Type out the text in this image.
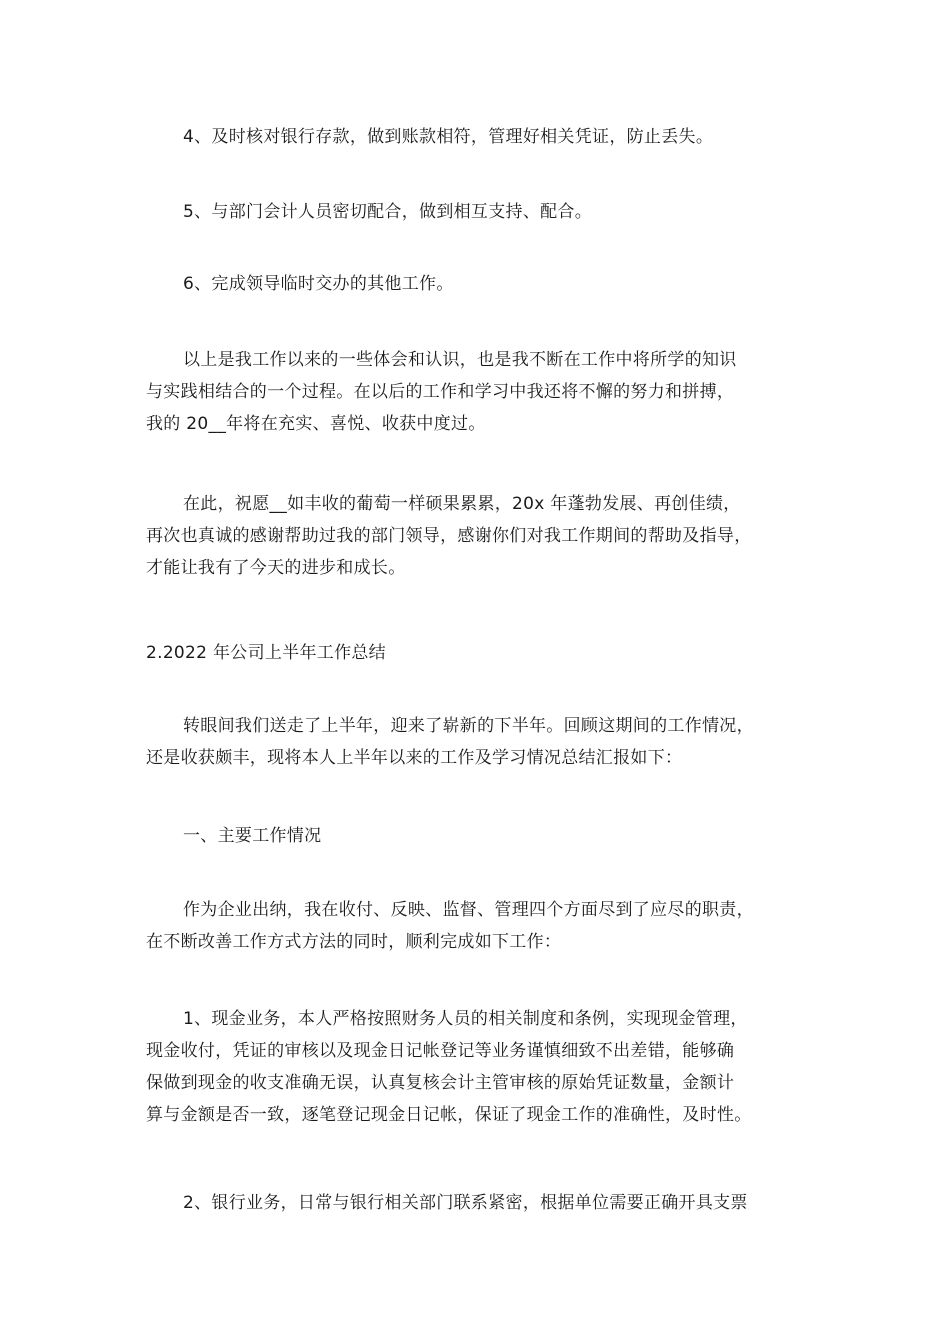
4、及时核对银行存款，做到账款相符，管理好相关凭证，防止丢失。

5、与部门会计人员密切配合，做到相互支持、配合。

6、完成领导临时交办的其他工作。

以上是我工作以来的一些体会和认识，也是我不断在工作中将所学的知识
与实践相结合的一个过程。在以后的工作和学习中我还将不懈的努力和拼搏，
我的 20__年将在充实、喜悦、收获中度过。

在此，祝愿__如丰收的葡萄一样硕果累累，20x 年蓬勃发展、再创佳绩，
再次也真诚的感谢帮助过我的部门领导，感谢你们对我工作期间的帮助及指导，
才能让我有了今天的进步和成长。

2.2022 年公司上半年工作总结

转眼间我们送走了上半年，迎来了崭新的下半年。回顾这期间的工作情况，
还是收获颇丰，现将本人上半年以来的工作及学习情况总结汇报如下：

一、主要工作情况

作为企业出纳，我在收付、反映、监督、管理四个方面尽到了应尽的职责，
在不断改善工作方式方法的同时，顺利完成如下工作：

1、现金业务，本人严格按照财务人员的相关制度和条例，实现现金管理，
现金收付，凭证的审核以及现金日记帐登记等业务谨慎细致不出差错，能够确
保做到现金的收支准确无误，认真复核会计主管审核的原始凭证数量，金额计
算与金额是否一致，逐笔登记现金日记帐，保证了现金工作的准确性，及时性。

2、银行业务，日常与银行相关部门联系紧密，根据单位需要正确开具支票
